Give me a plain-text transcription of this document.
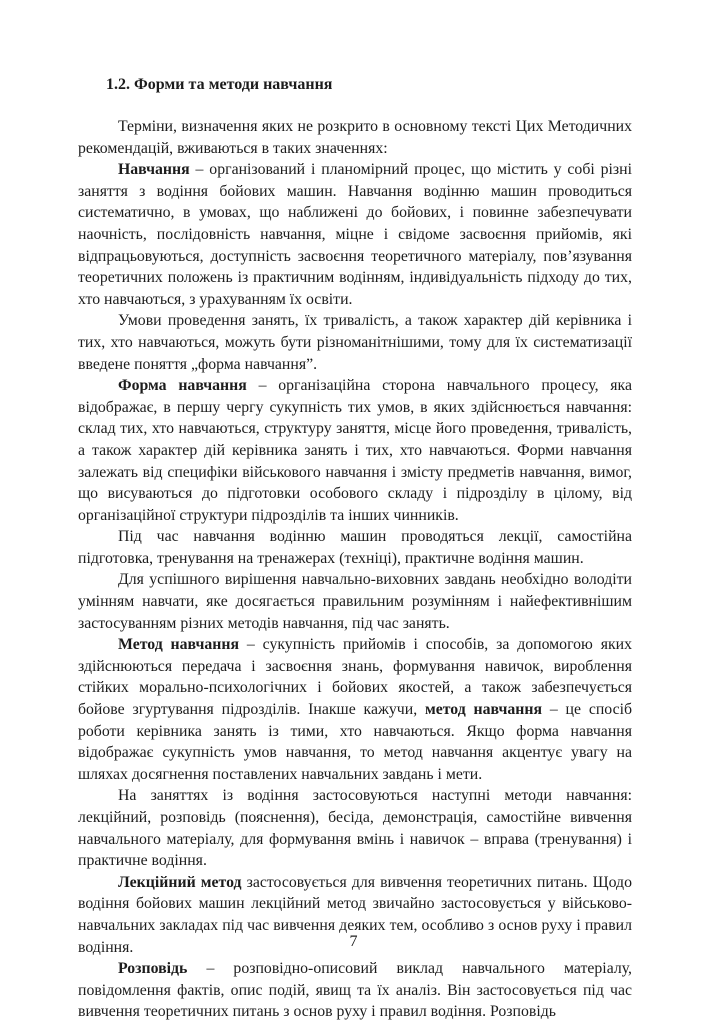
1.2. Форми та методи навчання

Терміни, визначення яких не розкрито в основному тексті Цих Методичних рекомендацій, вживаються в таких значеннях:

Навчання – організований і планомірний процес, що містить у собі різні заняття з водіння бойових машин. Навчання водінню машин проводиться систематично, в умовах, що наближені до бойових, і повинне забезпечувати наочність, послідовність навчання, міцне і свідоме засвоєння прийомів, які відпрацьовуються, доступність засвоєння теоретичного матеріалу, пов’язування теоретичних положень із практичним водінням, індивідуальність підходу до тих, хто навчаються, з урахуванням їх освіти.

Умови проведення занять, їх тривалість, а також характер дій керівника і тих, хто навчаються, можуть бути різноманітнішими, тому для їх систематизації введене поняття „форма навчання”.

Форма навчання – організаційна сторона навчального процесу, яка відображає, в першу чергу сукупність тих умов, в яких здійснюється навчання: склад тих, хто навчаються, структуру заняття, місце його проведення, тривалість, а також характер дій керівника занять і тих, хто навчаються. Форми навчання залежать від специфіки військового навчання і змісту предметів навчання, вимог, що висуваються до підготовки особового складу і підрозділу в цілому, від організаційної структури підрозділів та інших чинників.

Під час навчання водінню машин проводяться лекції, самостійна підготовка, тренування на тренажерах (техніці), практичне водіння машин.

Для успішного вирішення навчально-виховних завдань необхідно володіти умінням навчати, яке досягається правильним розумінням і найефективнішим застосуванням різних методів навчання, під час занять.

Метод навчання – сукупність прийомів і способів, за допомогою яких здійснюються передача і засвоєння знань, формування навичок, вироблення стійких морально-психологічних і бойових якостей, а також забезпечується бойове згуртування підрозділів. Інакше кажучи, метод навчання – це спосіб роботи керівника занять із тими, хто навчаються. Якщо форма навчання відображає сукупність умов навчання, то метод навчання акцентує увагу на шляхах досягнення поставлених навчальних завдань і мети.

На заняттях із водіння застосовуються наступні методи навчання: лекційний, розповідь (пояснення), бесіда, демонстрація, самостійне вивчення навчального матеріалу, для формування вмінь і навичок – вправа (тренування) і практичне водіння.

Лекційний метод застосовується для вивчення теоретичних питань. Щодо водіння бойових машин лекційний метод звичайно застосовується у військово-навчальних закладах під час вивчення деяких тем, особливо з основ руху і правил водіння.

Розповідь – розповідно-описовий виклад навчального матеріалу, повідомлення фактів, опис подій, явищ та їх аналіз. Він застосовується під час вивчення теоретичних питань з основ руху і правил водіння. Розповідь

7
